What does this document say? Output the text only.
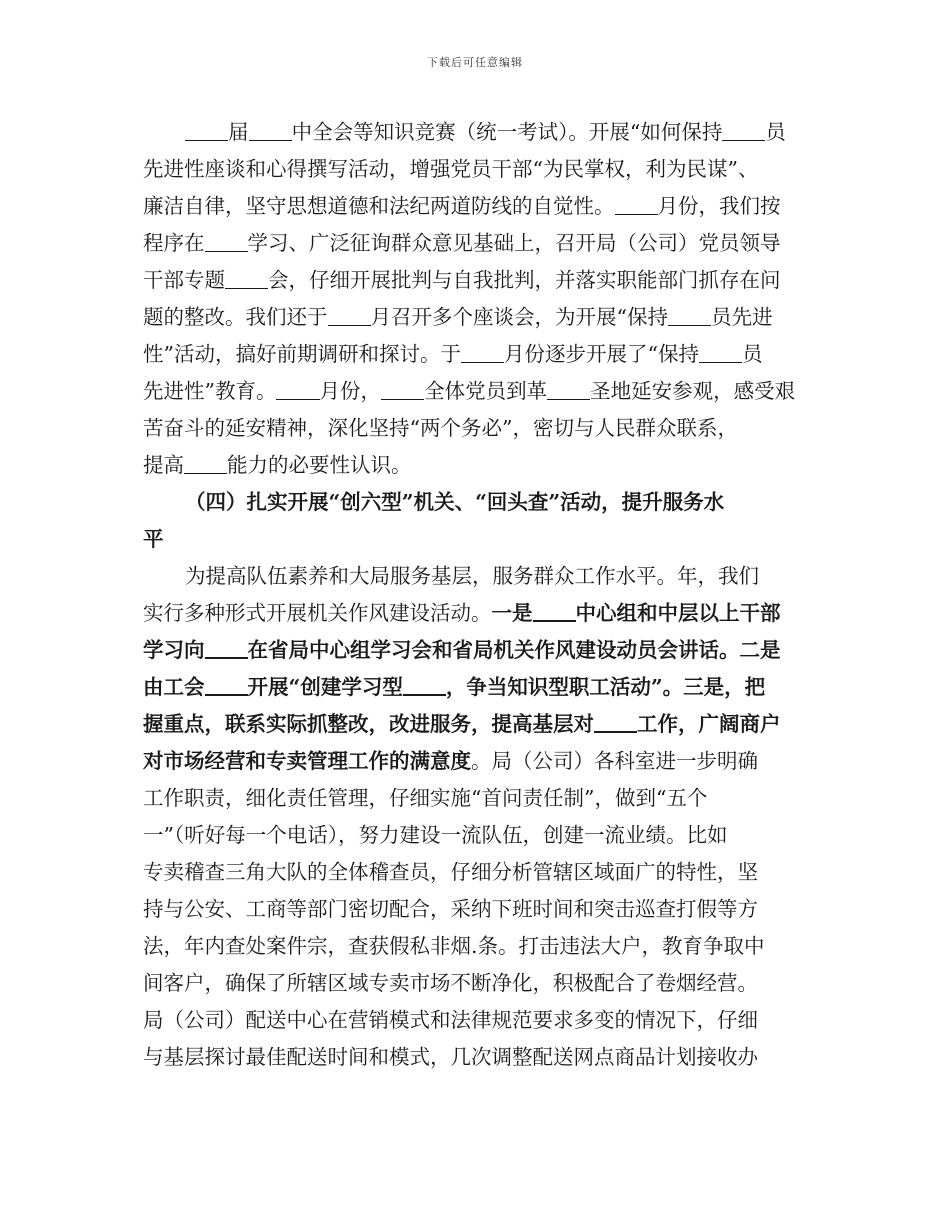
下载后可任意编辑
届 中全会等知识竞赛（统一考试）。开展“如何保持 员
先进性座谈和心得撰写活动，增强党员干部“为民掌权，利为民谋”、
廉洁自律，坚守思想道德和法纪两道防线的自觉性。 月份，我们按
程序在 学习、广泛征询群众意见基础上，召开局（公司）党员领导
干部专题 会，仔细开展批判与自我批判，并落实职能部门抓存在问
题的整改。我们还于 月召开多个座谈会，为开展“保持 员先进
性”活动，搞好前期调研和探讨。于 月份逐步开展了“保持 员
先进性”教育。 月份， 全体党员到革 圣地延安参观，感受艰
苦奋斗的延安精神，深化坚持“两个务必”，密切与人民群众联系，
提高 能力的必要性认识。
（四）扎实开展“创六型”机关、“回头查”活动，提升服务水
平
为提高队伍素养和大局服务基层，服务群众工作水平。年，我们
实行多种形式开展机关作风建设活动。一是 中心组和中层以上干部
学习向 在省局中心组学习会和省局机关作风建设动员会讲话。二是
由工会 开展“创建学习型 ，争当知识型职工活动”。三是，把
握重点，联系实际抓整改，改进服务，提高基层对 工作，广阔商户
对市场经营和专卖管理工作的满意度。局（公司）各科室进一步明确
工作职责，细化责任管理，仔细实施“首问责任制”，做到“五个
一”（听好每一个电话），努力建设一流队伍，创建一流业绩。比如
专卖稽查三角大队的全体稽查员，仔细分析管辖区域面广的特性，坚
持与公安、工商等部门密切配合，采纳下班时间和突击巡查打假等方
法，年内查处案件宗，查获假私非烟.条。打击违法大户，教育争取中
间客户，确保了所辖区域专卖市场不断净化，积极配合了卷烟经营。
局（公司）配送中心在营销模式和法律规范要求多变的情况下，仔细
与基层探讨最佳配送时间和模式，几次调整配送网点商品计划接收办
